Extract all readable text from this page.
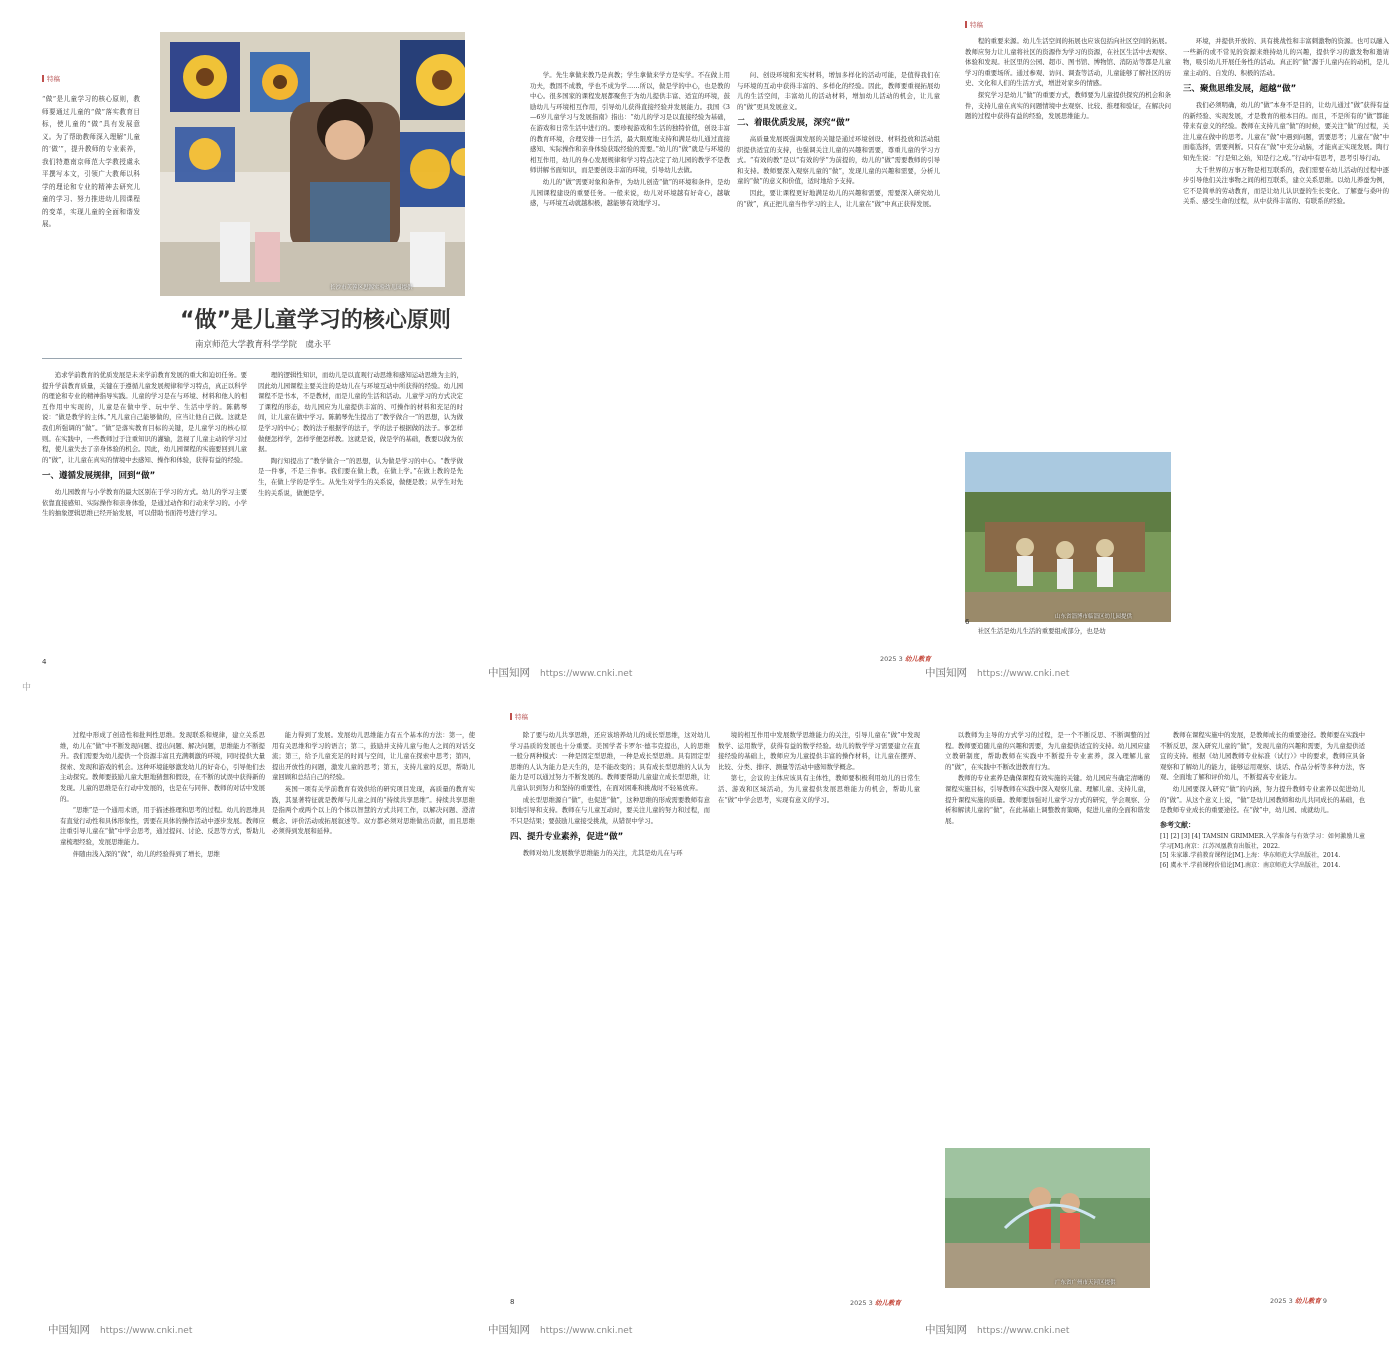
特稿
“做”是儿童学习的核心原则，教师要通过儿童的“做”落实教育目标，使儿童的“做”具有发展意义。为了帮助教师深入理解“儿童的‘做’”，提升教师的专业素养，我们特邀南京师范大学教授虞永平撰写本文，引领广大教师以科学的理论和专业的精神去研究儿童的学习、努力推进幼儿园课程的变革，实现儿童的全面和谐发展。
长沙市芙蓉区思源实验幼儿园提供
“做”是儿童学习的核心原则
南京师范大学教育科学学院　虞永平

追求学前教育的优质发展是未来学前教育发展的重大和迫切任务。要提升学前教育质量，关键在于遵循儿童发展规律和学习特点，真正以科学的理论和专业的精神指导实践。儿童的学习是在与环境、材料和他人的相互作用中实现的，儿童是在做中学、玩中学、生活中学的。陈鹤琴说：“做是教学的主体。”凡儿童自己能够做的，应当让他自己做。这就是我们所强调的“做”。“做”是落实教育目标的关键，是儿童学习的核心原则。在实践中，一些教师过于注重知识的灌输，忽视了儿童主动的学习过程，使儿童失去了亲身体验的机会。因此，幼儿园课程的实施要回到儿童的“做”，让儿童在真实的情境中去感知、操作和体验，获得有益的经验。

一、遵循发展规律，回到“做”

幼儿园教育与小学教育的最大区别在于学习的方式。幼儿的学习主要依靠直接感知、实际操作和亲身体验，是通过动作和行动来学习的。小学生的抽象逻辑思维已经开始发展，可以借助书面符号进行学习。

理的逻辑性知识，而幼儿是以直观行动思维和感知运动思维为主的，因此幼儿园课程主要关注的是幼儿在与环境互动中所获得的经验。幼儿园课程不是书本，不是教材，而是儿童的生活和活动。儿童学习的方式决定了课程的形态，幼儿园应为儿童提供丰富的、可操作的材料和充足的时间，让儿童在做中学习。陈鹤琴先生提出了“教学做合一”的思想，认为做是学习的中心；教的法子根据学的法子，学的法子根据做的法子。事怎样做便怎样学，怎样学便怎样教。这就是说，做是学的基础，教要以做为依据。

陶行知提出了“教学做合一”的思想，认为做是学习的中心。“教学做是一件事，不是三件事。我们要在做上教，在做上学。”在做上教的是先生，在做上学的是学生。从先生对学生的关系说，做便是教；从学生对先生的关系说，做便是学。

4
中

学。先生拿做来教乃是真教；学生拿做来学方是实学。不在做上用功夫，教固不成教，学也不成为学……所以，做是学的中心，也是教的中心。很多国家的课程发展都聚焦于为幼儿提供丰富、适宜的环境，鼓励幼儿与环境相互作用，引导幼儿获得直接经验并发展能力。我国《3—6岁儿童学习与发展指南》指出：“幼儿的学习是以直接经验为基础，在游戏和日常生活中进行的。要珍视游戏和生活的独特价值，创设丰富的教育环境，合理安排一日生活，最大限度地支持和满足幼儿通过直接感知、实际操作和亲身体验获取经验的需要。”幼儿的“做”就是与环境的相互作用，幼儿的身心发展规律和学习特点决定了幼儿园的教学不是教师讲解书面知识，而是要创设丰富的环境，引导幼儿去做。

幼儿的“做”需要对象和条件，为幼儿创造“做”的环境和条件，是幼儿园课程建设的重要任务。一般来说，幼儿对环境越有好奇心，越敏感，与环境互动就越积极，越能够有效地学习。

问、创设环境和充实材料，增加多样化的活动可能，是值得我们在与环境的互动中获得丰富的、多样化的经验。因此，教师要重视拓展幼儿的生活空间，丰富幼儿的活动材料，增加幼儿活动的机会，让儿童的“做”更具发展意义。

二、着眼优质发展，深究“做”

高质量发展既强调发展的关键是通过环境创设、材料投放和活动组织提供适宜的支持，也强调关注儿童的兴趣和需要，尊重儿童的学习方式。“有效的教”是以“有效的学”为前提的，幼儿的“做”需要教师的引导和支持。教师要深入观察儿童的“做”，发现儿童的兴趣和需要，分析儿童的“做”的意义和价值，适时地给予支持。

因此，要让课程更好地满足幼儿的兴趣和需要，需要深入研究幼儿的“做”，真正把儿童当作学习的主人，让儿童在“做”中真正获得发展。

2025 3 幼儿教育
中国知网 https://www.cnki.net
特稿

程的重要来源。幼儿生活空间的拓展也应该包括向社区空间的拓展。教师应努力让儿童将社区的资源作为学习的资源，在社区生活中去观察、体验和发现。社区里的公园、超市、图书馆、博物馆、消防站等都是儿童学习的重要场所。通过参观、访问、调查等活动，儿童能够了解社区的历史、文化和人们的生活方式，增进对家乡的情感。

探究学习是幼儿“做”的重要方式，教师要为儿童提供探究的机会和条件，支持儿童在真实的问题情境中去观察、比较、推理和验证，在解决问题的过程中获得有益的经验，发展思维能力。

山东省淄博市临淄区幼儿园提供

社区生活是幼儿生活的重要组成部分，也是幼

环境，并提供开放的、具有挑战性和丰富刺激物的资源。也可以融入一些新的或不常见的资源来维持幼儿的兴趣，提供学习的激发物和邀请物，吸引幼儿开展任务性的活动。真正的“做”源于儿童内在的动机，是儿童主动的、自发的、积极的活动。

三、聚焦思维发展，超越“做”

我们必须明确，幼儿的“做”本身不是目的，让幼儿通过“做”获得有益的新经验、实现发展，才是教育的根本目的。而且，不是所有的“做”都能带来有意义的经验。教师在支持儿童“做”的时候，要关注“做”的过程，关注儿童在做中的思考。儿童在“做”中遇到问题，需要思考；儿童在“做”中面临选择，需要判断。只有在“做”中充分动脑，才能真正实现发展。陶行知先生说：“行是知之始，知是行之成。”行动中有思考，思考引导行动。

大千世界的万事万物是相互联系的，我们需要在幼儿活动的过程中逐步引导他们关注事物之间的相互联系，建立关系思维。以幼儿养蚕为例，它不是简单的劳动教育，而是让幼儿认识蚕的生长变化、了解蚕与桑叶的关系、感受生命的过程，从中获得丰富的、有联系的经验。

6
中国知网 https://www.cnki.net

过程中形成了创造性和批判性思维。发现联系和规律，建立关系思维，幼儿在“做”中不断发现问题、提出问题、解决问题，思维能力不断提升。我们需要为幼儿提供一个资源丰富且充满刺激的环境，同时提供大量探索、发现和游戏的机会。这种环境能够激发幼儿的好奇心，引导他们去主动探究。教师要鼓励儿童大胆地猜想和假设，在不断的试误中获得新的发现。儿童的思维是在行动中发展的，也是在与同伴、教师的对话中发展的。

“思维”是一个通用术语，用于描述推理和思考的过程。幼儿的思维具有直觉行动性和具体形象性，需要在具体的操作活动中逐步发展。教师应注重引导儿童在“做”中学会思考，通过提问、讨论、反思等方式，帮助儿童梳理经验，发展思维能力。

伴随由浅入深的“做”，幼儿的经验得到了增长，思维

能力得到了发展。发展幼儿思维能力有五个基本的方法：第一，使用有关思维和学习的语言；第二，鼓励并支持儿童与他人之间的对话交流；第三，给予儿童充足的时间与空间，让儿童在探索中思考；第四，提出开放性的问题，激发儿童的思考；第五，支持儿童的反思，帮助儿童回顾和总结自己的经验。

英国一项有关学前教育有效供给的研究项目发现，高质量的教育实践，其显著特征就是教师与儿童之间的“持续共享思维”。持续共享思维是指两个或两个以上的个体以智慧的方式共同工作，以解决问题、澄清概念、评价活动或拓展叙述等。双方都必须对思维做出贡献，而且思维必须得到发展和延伸。

中国知网 https://www.cnki.net
特稿

除了要与幼儿共享思维，还应该培养幼儿的成长型思维，这对幼儿学习品质的发展也十分重要。美国学者卡罗尔·德韦克提出，人的思维一般分两种模式：一种是固定型思维，一种是成长型思维。具有固定型思维的人认为能力是天生的，是不能改变的；具有成长型思维的人认为能力是可以通过努力不断发展的。教师要帮助儿童建立成长型思维，让儿童认识到努力和坚持的重要性，在面对困难和挑战时不轻易放弃。

成长型思维源自“做”，也促进“做”，这种思维的形成需要教师有意识地引导和支持。教师在与儿童互动时，要关注儿童的努力和过程，而不只是结果；要鼓励儿童接受挑战，从错误中学习。

四、提升专业素养，促进“做”

教师对幼儿发展数学思维能力的关注，尤其是幼儿在与环

境的相互作用中发展数学思维能力的关注，引导儿童在“做”中发现数学、运用数学，获得有益的数学经验。幼儿的数学学习需要建立在直接经验的基础上，教师应为儿童提供丰富的操作材料，让儿童在摆弄、比较、分类、排序、测量等活动中感知数学概念。

第七，会议的主体应该具有主体性，教师要积极利用幼儿的日常生活、游戏和区域活动，为儿童提供发展思维能力的机会，帮助儿童在“做”中学会思考，实现有意义的学习。

8	2025 3 幼儿教育
中国知网 https://www.cnki.net

以教师为主导的方式学习的过程，是一个不断反思、不断调整的过程。教师要追随儿童的兴趣和需要，为儿童提供适宜的支持。幼儿园应建立教研制度，帮助教师在实践中不断提升专业素养，深入理解儿童的“做”，在实践中不断改进教育行为。

教师的专业素养是确保课程有效实施的关键。幼儿园应当确定清晰的课程实施目标，引导教师在实践中深入观察儿童、理解儿童、支持儿童，提升课程实施的质量。教师要加强对儿童学习方式的研究，学会观察、分析和解读儿童的“做”，在此基础上调整教育策略，促进儿童的全面和谐发展。

广东省广州市天河区提供

教师在课程实施中的发展，是教师成长的重要途径。教师要在实践中不断反思，深入研究儿童的“做”，发现儿童的兴趣和需要，为儿童提供适宜的支持。根据《幼儿园教师专业标准（试行）》中的要求，教师应具备观察和了解幼儿的能力，能够运用观察、谈话、作品分析等多种方法，客观、全面地了解和评价幼儿，不断提高专业能力。

幼儿园要深入研究“做”的内涵，努力提升教师专业素养以促进幼儿的“做”。从这个意义上说，“做”是幼儿园教师和幼儿共同成长的基础，也是教师专业成长的重要途径。在“做”中，幼儿园、成就幼儿。

参考文献：
[1] [2] [3] [4] TAMSIN GRIMMER.入学准备与有效学习：如何激励儿童学习[M].南京：江苏凤凰教育出版社，2022.
[5] 朱家雄.学前教育课程论[M].上海：华东师范大学出版社，2014.
[6] 虞永平.学前课程价值论[M].南京：南京师范大学出版社，2014.
2025 3 幼儿教育 9
中国知网 https://www.cnki.net
